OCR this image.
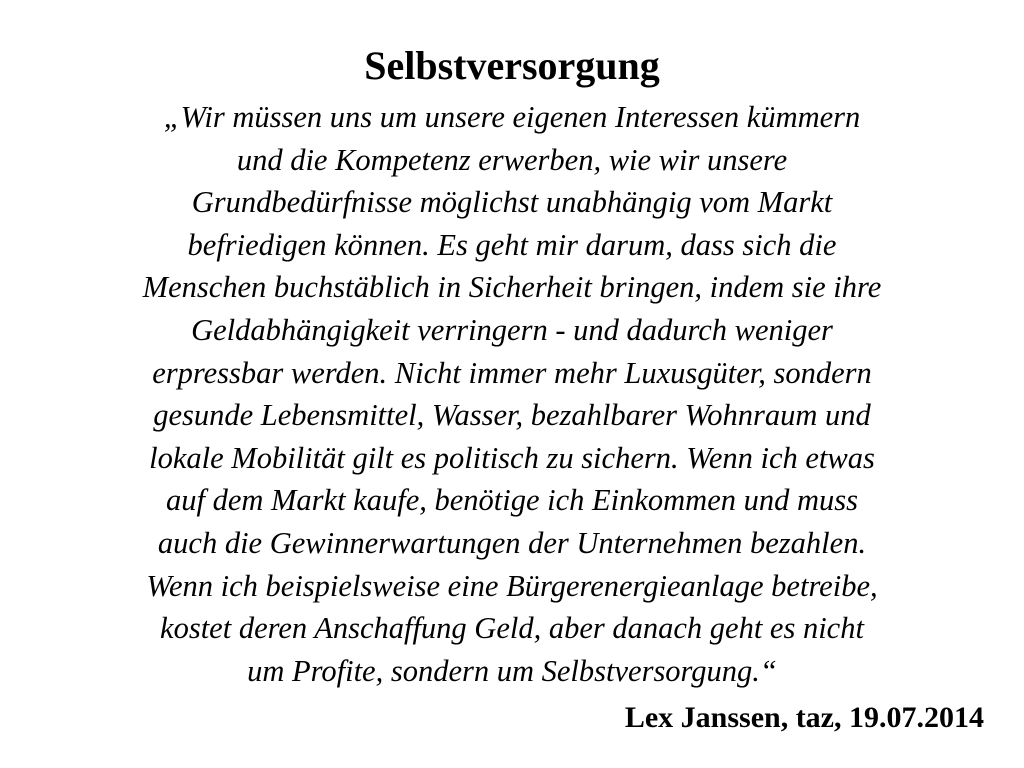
Selbstversorgung
„Wir müssen uns um unsere eigenen Interessen kümmern
und die Kompetenz erwerben, wie wir unsere
Grundbedürfnisse möglichst unabhängig vom Markt
befriedigen können. Es geht mir darum, dass sich die
Menschen buchstäblich in Sicherheit bringen, indem sie ihre
Geldabhängigkeit verringern - und dadurch weniger
erpressbar werden. Nicht immer mehr Luxusgüter, sondern
gesunde Lebensmittel, Wasser, bezahlbarer Wohnraum und
lokale Mobilität gilt es politisch zu sichern. Wenn ich etwas
auf dem Markt kaufe, benötige ich Einkommen und muss
auch die Gewinnerwartungen der Unternehmen bezahlen.
Wenn ich beispielsweise eine Bürgerenergieanlage betreibe,
kostet deren Anschaffung Geld, aber danach geht es nicht
um Profite, sondern um Selbstversorgung.“

Lex Janssen, taz, 19.07.2014
